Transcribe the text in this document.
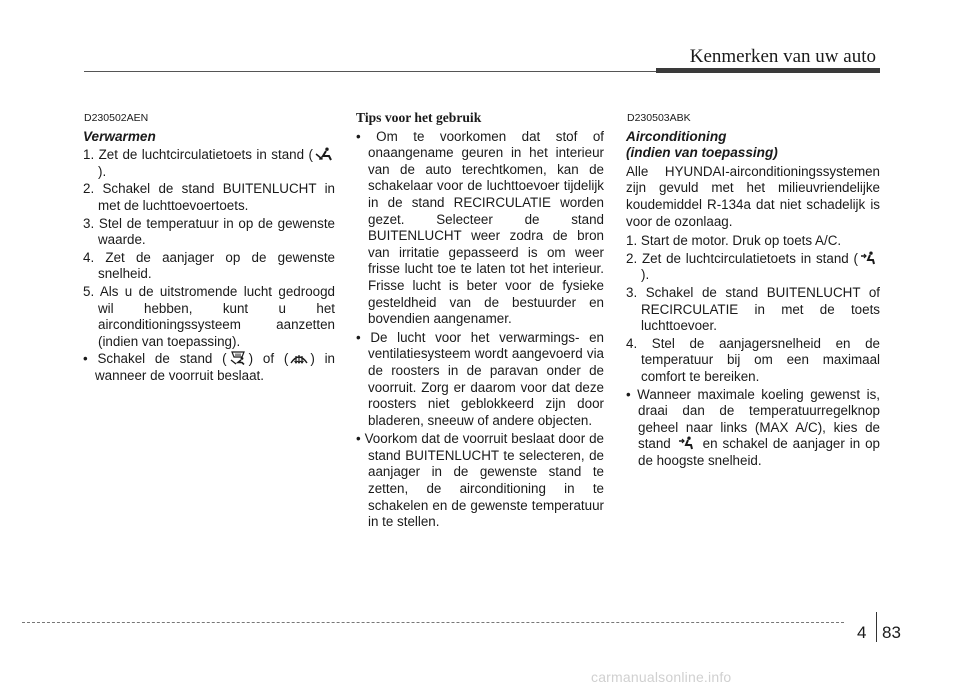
Kenmerken van uw auto
D230502AEN
Verwarmen
1. Zet de luchtcirculatietoets in stand ().
2. Schakel de stand BUITENLUCHT in met de luchttoevoertoets.
3. Stel de temperatuur in op de gewenste waarde.
4. Zet de aanjager op de gewenste snelheid.
5. Als u de uitstromende lucht gedroogd wil hebben, kunt u het airconditioningssysteem aanzetten (indien van toepassing).
• Schakel de stand ( ) of ( ) in wanneer de voorruit beslaat.
Tips voor het gebruik
• Om te voorkomen dat stof of onaangename geuren in het interieur van de auto terechtkomen, kan de schakelaar voor de luchttoevoer tijdelijk in de stand RECIRCULATIE worden gezet. Selecteer de stand BUITENLUCHT weer zodra de bron van irritatie gepasseerd is om weer frisse lucht toe te laten tot het interieur. Frisse lucht is beter voor de fysieke gesteldheid van de bestuurder en bovendien aangenamer.
• De lucht voor het verwarmings- en ventilatiesysteem wordt aangevoerd via de roosters in de paravan onder de voorruit. Zorg er daarom voor dat deze roosters niet geblokkeerd zijn door bladeren, sneeuw of andere objecten.
• Voorkom dat de voorruit beslaat door de stand BUITENLUCHT te selecteren, de aanjager in de gewenste stand te zetten, de airconditioning in te schakelen en de gewenste temperatuur in te stellen.
D230503ABK
Airconditioning
(indien van toepassing)
Alle HYUNDAI-airconditioningssystemen zijn gevuld met het milieuvriendelijke koudemiddel R-134a dat niet schadelijk is voor de ozonlaag.
1. Start de motor. Druk op toets A/C.
2. Zet de luchtcirculatietoets in stand ().
3. Schakel de stand BUITENLUCHT of RECIRCULATIE in met de toets luchttoevoer.
4. Stel de aanjagersnelheid en de temperatuur bij om een maximaal comfort te bereiken.
• Wanneer maximale koeling gewenst is, draai dan de temperatuurregelknop geheel naar links (MAX A/C), kies de stand en schakel de aanjager in op de hoogste snelheid.
4 83
carmanualsonline.info
